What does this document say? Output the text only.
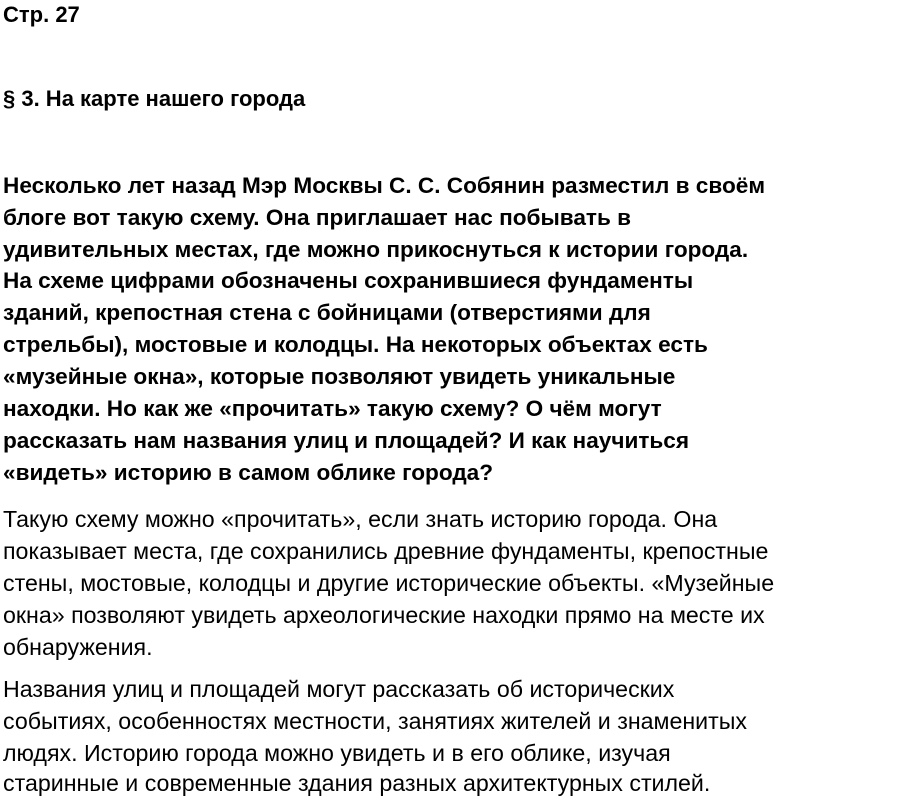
Стр. 27
§ 3. На карте нашего города
Несколько лет назад Мэр Москвы С. С. Собянин разместил в своём
блоге вот такую схему. Она приглашает нас побывать в
удивительных местах, где можно прикоснуться к истории города.
На схеме цифрами обозначены сохранившиеся фундаменты
зданий, крепостная стена с бойницами (отверстиями для
стрельбы), мостовые и колодцы. На некоторых объектах есть
«музейные окна», которые позволяют увидеть уникальные
находки. Но как же «прочитать» такую схему? О чём могут
рассказать нам названия улиц и площадей? И как научиться
«видеть» историю в самом облике города?
Такую схему можно «прочитать», если знать историю города. Она
показывает места, где сохранились древние фундаменты, крепостные
стены, мостовые, колодцы и другие исторические объекты. «Музейные
окна» позволяют увидеть археологические находки прямо на месте их
обнаружения.
Названия улиц и площадей могут рассказать об исторических
событиях, особенностях местности, занятиях жителей и знаменитых
людях. Историю города можно увидеть и в его облике, изучая
старинные и современные здания разных архитектурных стилей.
